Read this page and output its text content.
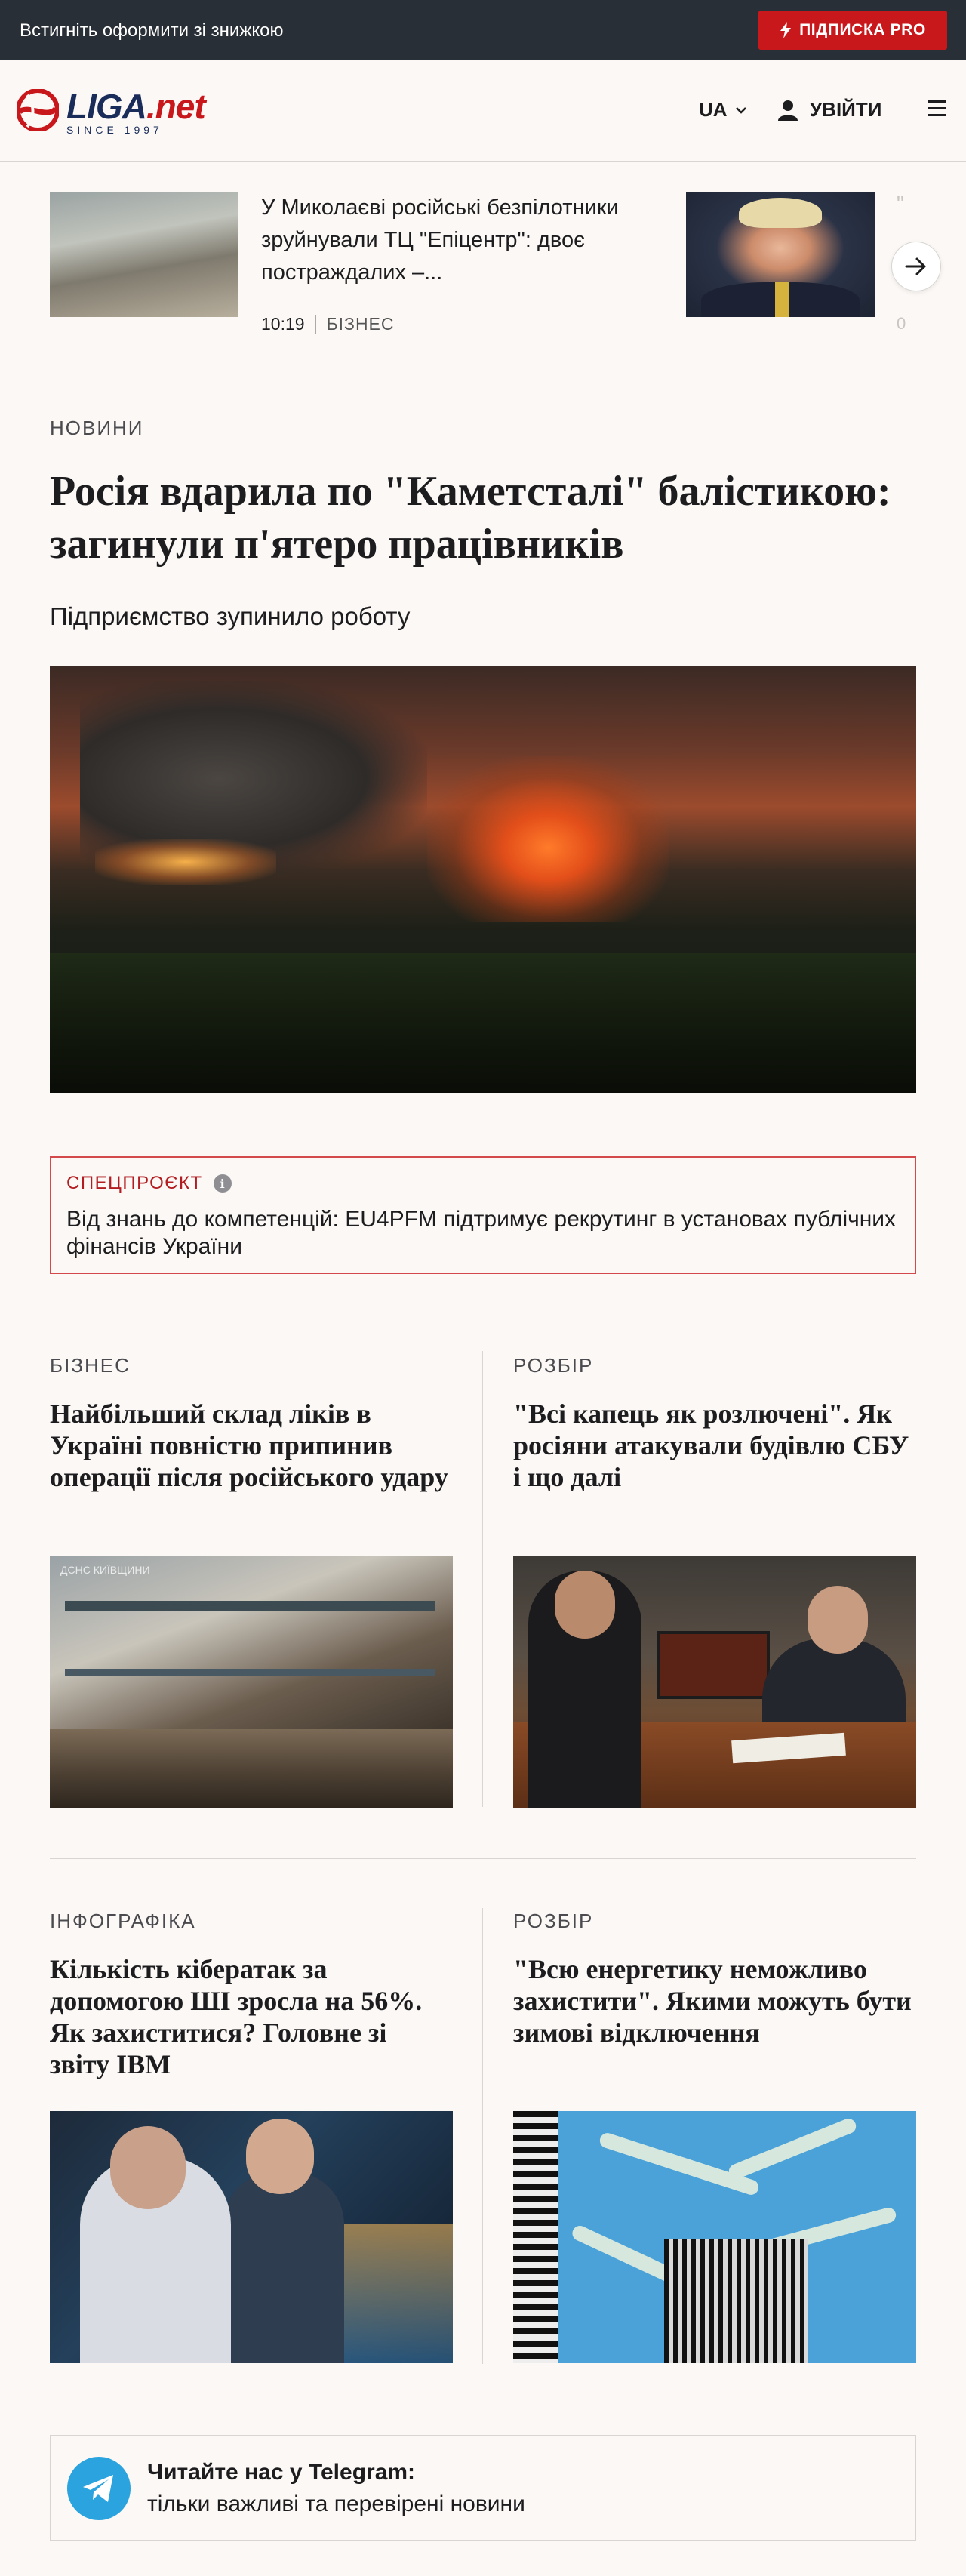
Встигніть оформити зі знижкою	ПІДПИСКА PRO
LIGA.net
SINCE 1997
UA	УВІЙТИ
У Миколаєві російські безпілотники зруйнували ТЦ "Епіцентр": двоє постраждалих –...
10:19 БІЗНЕС
"
0
НОВИНИ
Росія вдарила по "Каметсталі" балістикою: загинули п'ятеро працівників
Підприємство зупинило роботу
СПЕЦПРОЄКТ	i
Від знань до компетенцій: EU4PFM підтримує рекрутинг в установах публічних фінансів України
БІЗНЕС
Найбільший склад ліків в Україні повністю припинив операції після російського удару
ДСНС КИЇВЩИНИ
РОЗБІР
"Всі капець як розлючені". Як росіяни атакували будівлю СБУ і що далі
ІНФОГРАФІКА
Кількість кібератак за допомогою ШІ зросла на 56%. Як захиститися? Головне зі звіту IBM
РОЗБІР
"Всю енергетику неможливо захистити". Якими можуть бути зимові відключення
Читайте нас у Telegram:
тільки важливі та перевірені новини
